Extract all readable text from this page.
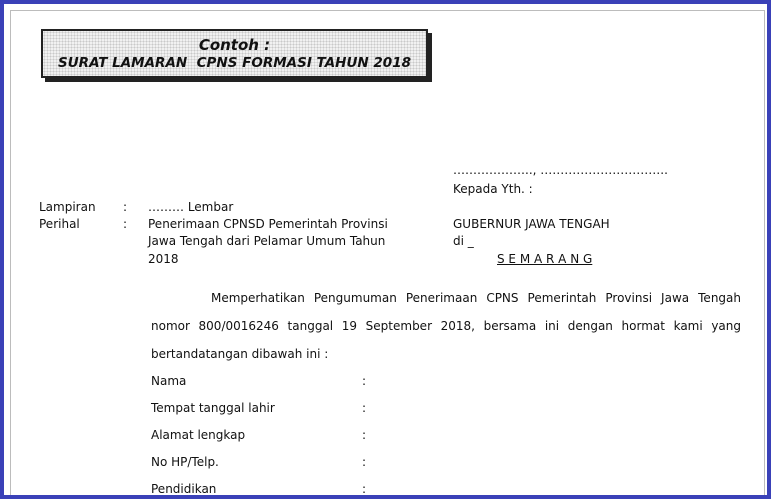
Contoh :
SURAT LAMARAN  CPNS FORMASI TAHUN 2018
……………….., …………………………..
Kepada Yth. :
Lampiran : ……… Lembar
Perihal	: Penerimaan CPNSD Pemerintah Provinsi
Jawa Tengah dari Pelamar Umum Tahun
2018
GUBERNUR JAWA TENGAH
di _
S E M A R A N G
Memperhatikan Pengumuman Penerimaan CPNS Pemerintah Provinsi Jawa Tengah
nomor 800/0016246 tanggal 19 September 2018, bersama ini dengan hormat kami yang
bertandatangan dibawah ini :
Nama	:
Tempat tanggal lahir	:
Alamat lengkap	:
No HP/Telp.	:
Pendidikan	:
